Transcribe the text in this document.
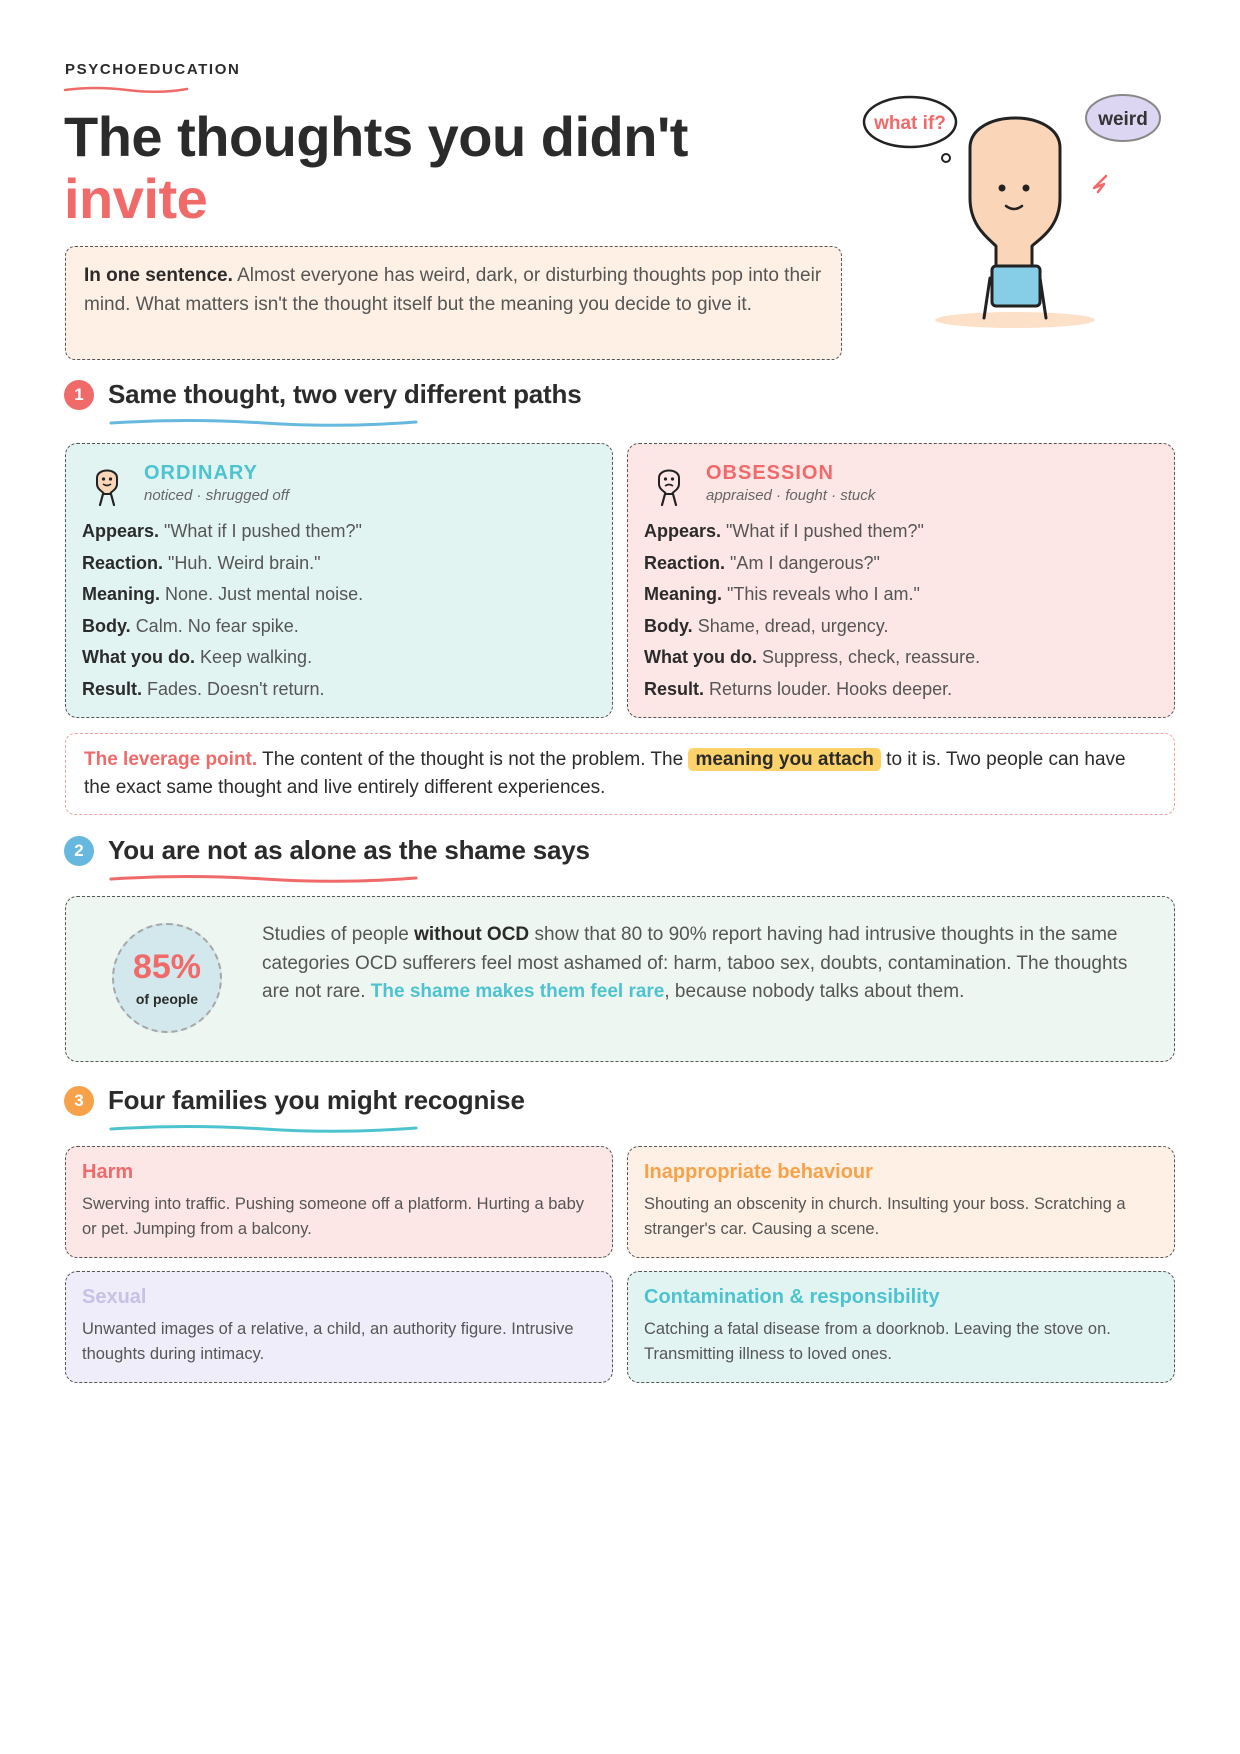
PSYCHOEDUCATION
The thoughts you didn't
invite
what if?	weird
In one sentence. Almost everyone has weird, dark, or disturbing thoughts pop into their mind. What matters isn't the thought itself but the meaning you decide to give it.
1 Same thought, two very different paths
ORDINARY
noticed · shrugged off
Appears. "What if I pushed them?"
Reaction. "Huh. Weird brain."
Meaning. None. Just mental noise.
Body. Calm. No fear spike.
What you do. Keep walking.
Result. Fades. Doesn't return.
OBSESSION
appraised · fought · stuck
Appears. "What if I pushed them?"
Reaction. "Am I dangerous?"
Meaning. "This reveals who I am."
Body. Shame, dread, urgency.
What you do. Suppress, check, reassure.
Result. Returns louder. Hooks deeper.
The leverage point. The content of the thought is not the problem. The meaning you attach to it is. Two people can have the exact same thought and live entirely different experiences.
2 You are not as alone as the shame says
85%
of people
Studies of people without OCD show that 80 to 90% report having had intrusive thoughts in the same categories OCD sufferers feel most ashamed of: harm, taboo sex, doubts, contamination. The thoughts are not rare. The shame makes them feel rare, because nobody talks about them.
3 Four families you might recognise
Harm
Swerving into traffic. Pushing someone off a platform. Hurting a baby or pet. Jumping from a balcony.
Inappropriate behaviour
Shouting an obscenity in church. Insulting your boss. Scratching a stranger's car. Causing a scene.
Sexual
Unwanted images of a relative, a child, an authority figure. Intrusive thoughts during intimacy.
Contamination & responsibility
Catching a fatal disease from a doorknob. Leaving the stove on. Transmitting illness to loved ones.
